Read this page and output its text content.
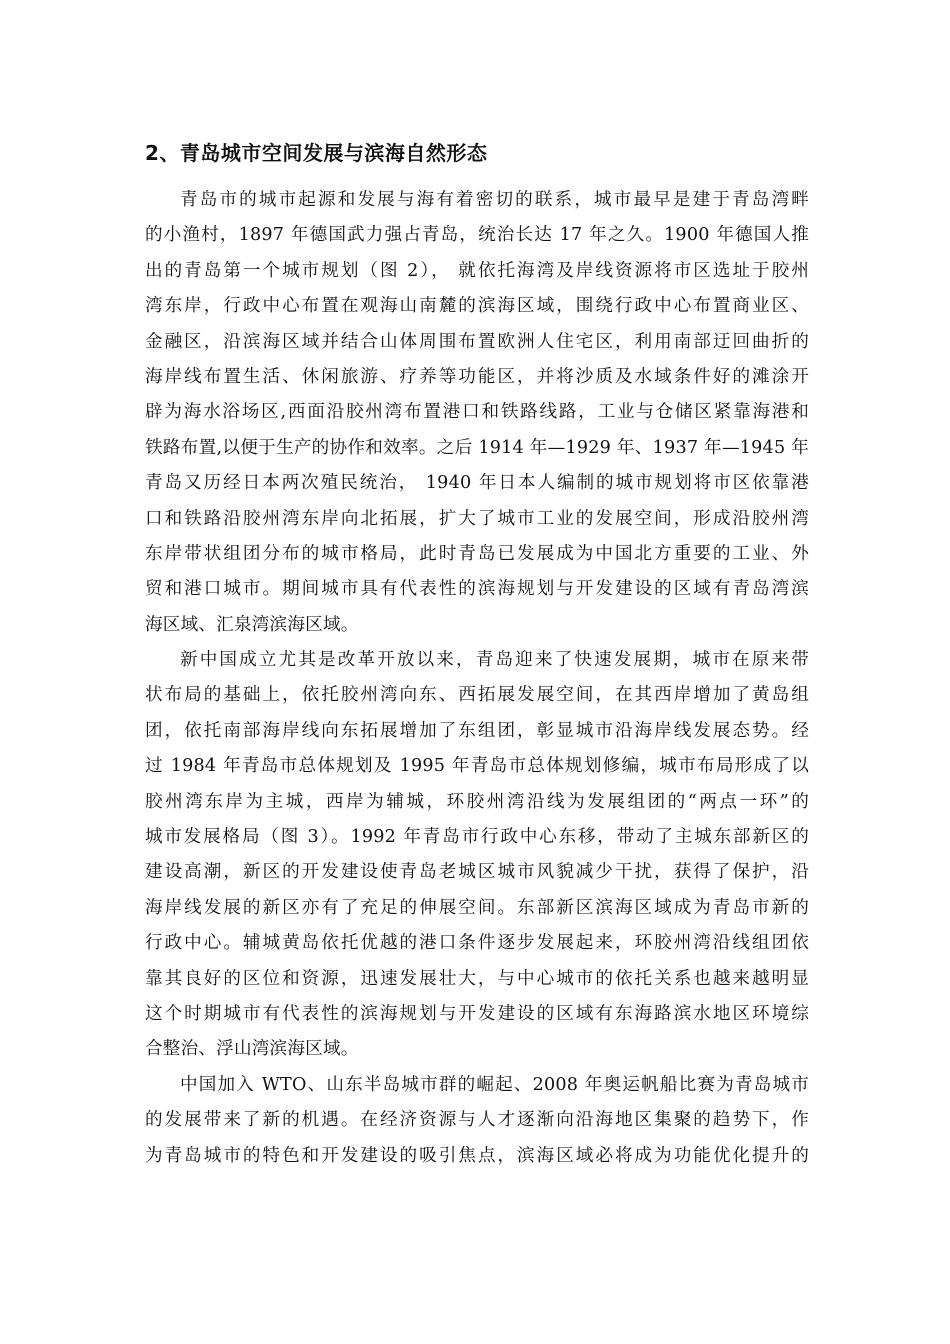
2、青岛城市空间发展与滨海自然形态
青岛市的城市起源和发展与海有着密切的联系，城市最早是建于青岛湾畔
的小渔村，1897 年德国武力强占青岛，统治长达 17 年之久。1900 年德国人推
出的青岛第一个城市规划（图 2）， 就依托海湾及岸线资源将市区选址于胶州
湾东岸，行政中心布置在观海山南麓的滨海区域，围绕行政中心布置商业区、
金融区，沿滨海区域并结合山体周围布置欧洲人住宅区，利用南部迂回曲折的
海岸线布置生活、休闲旅游、疗养等功能区，并将沙质及水域条件好的滩涂开
辟为海水浴场区,西面沿胶州湾布置港口和铁路线路，工业与仓储区紧靠海港和
铁路布置,以便于生产的协作和效率。之后 1914 年—1929 年、1937 年—1945 年
青岛又历经日本两次殖民统治， 1940 年日本人编制的城市规划将市区依靠港
口和铁路沿胶州湾东岸向北拓展，扩大了城市工业的发展空间，形成沿胶州湾
东岸带状组团分布的城市格局，此时青岛已发展成为中国北方重要的工业、外
贸和港口城市。期间城市具有代表性的滨海规划与开发建设的区域有青岛湾滨
海区域、汇泉湾滨海区域。
新中国成立尤其是改革开放以来，青岛迎来了快速发展期，城市在原来带
状布局的基础上，依托胶州湾向东、西拓展发展空间，在其西岸增加了黄岛组
团，依托南部海岸线向东拓展增加了东组团，彰显城市沿海岸线发展态势。经
过 1984 年青岛市总体规划及 1995 年青岛市总体规划修编，城市布局形成了以
胶州湾东岸为主城，西岸为辅城，环胶州湾沿线为发展组团的“两点一环”的
城市发展格局（图 3）。1992 年青岛市行政中心东移，带动了主城东部新区的
建设高潮，新区的开发建设使青岛老城区城市风貌减少干扰，获得了保护，沿
海岸线发展的新区亦有了充足的伸展空间。东部新区滨海区域成为青岛市新的
行政中心。辅城黄岛依托优越的港口条件逐步发展起来，环胶州湾沿线组团依
靠其良好的区位和资源，迅速发展壮大，与中心城市的依托关系也越来越明显
这个时期城市有代表性的滨海规划与开发建设的区域有东海路滨水地区环境综
合整治、浮山湾滨海区域。
中国加入 WTO、山东半岛城市群的崛起、2008 年奥运帆船比赛为青岛城市
的发展带来了新的机遇。在经济资源与人才逐渐向沿海地区集聚的趋势下，作
为青岛城市的特色和开发建设的吸引焦点，滨海区域必将成为功能优化提升的
